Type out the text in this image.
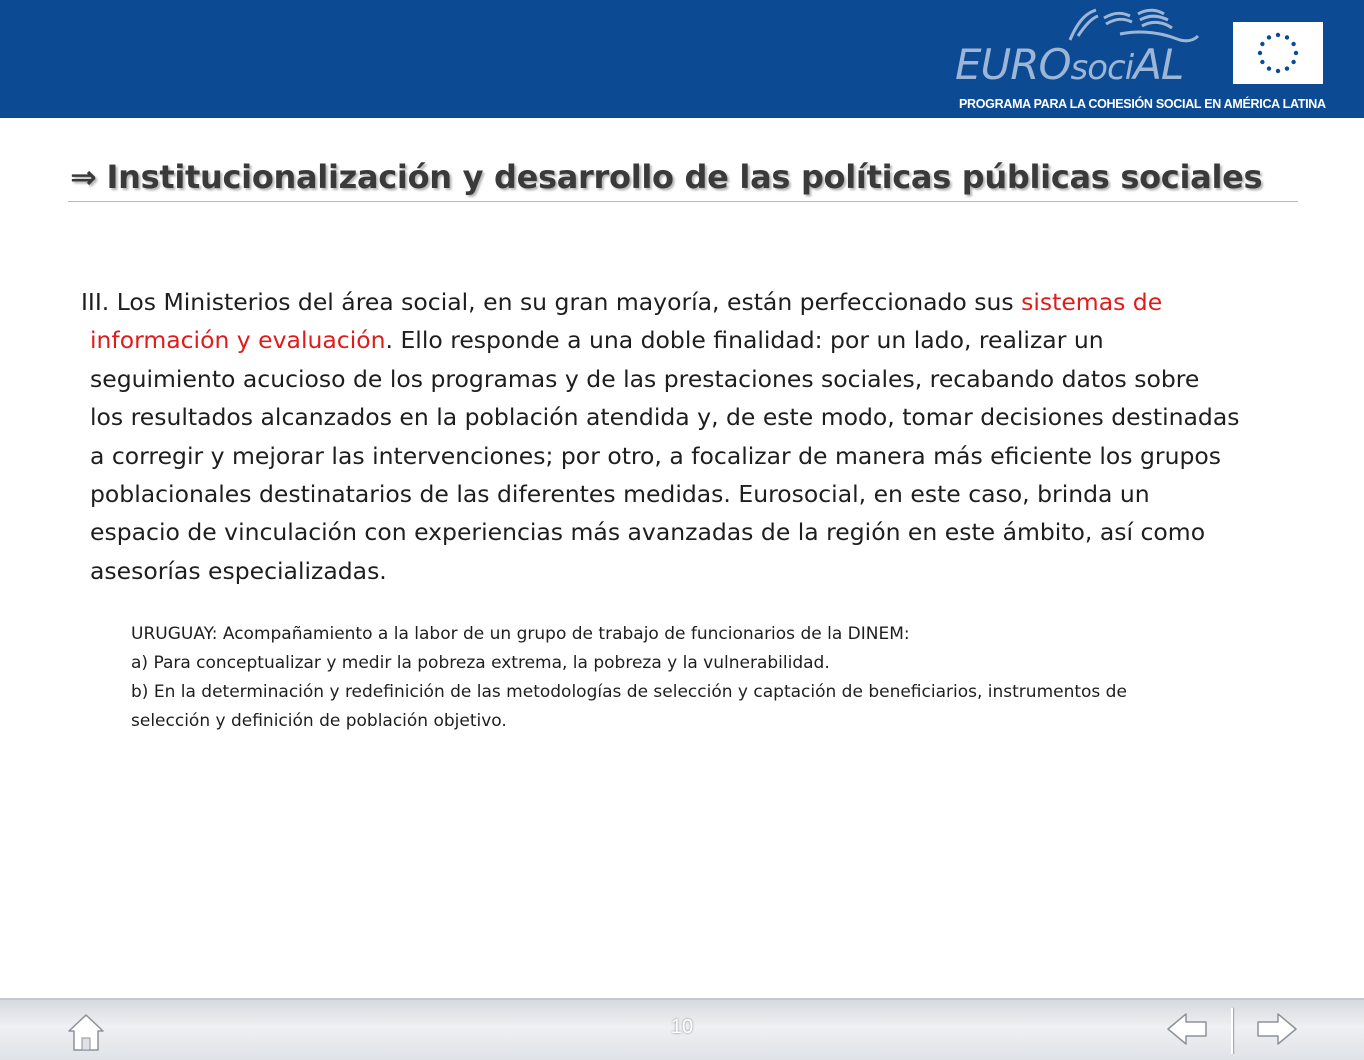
EUROsociAL
PROGRAMA PARA LA COHESIÓN SOCIAL EN AMÉRICA LATINA
⇒ Institucionalización y desarrollo de las políticas públicas sociales
III. Los Ministerios del área social, en su gran mayoría, están perfeccionado sus sistemas de
información y evaluación. Ello responde a una doble finalidad: por un lado, realizar un
seguimiento acucioso de los programas y de las prestaciones sociales, recabando datos sobre
los resultados alcanzados en la población atendida y, de este modo, tomar decisiones destinadas
a corregir y mejorar las intervenciones; por otro, a focalizar de manera más eficiente los grupos
poblacionales destinatarios de las diferentes medidas. Eurosocial, en este caso, brinda un
espacio de vinculación con experiencias más avanzadas de la región en este ámbito, así como
asesorías especializadas.
URUGUAY: Acompañamiento a la labor de un grupo de trabajo de funcionarios de la DINEM:
a) Para conceptualizar y medir la pobreza extrema, la pobreza y la vulnerabilidad.
b) En la determinación y redefinición de las metodologías de selección y captación de beneficiarios, instrumentos de
selección y definición de población objetivo.
10
